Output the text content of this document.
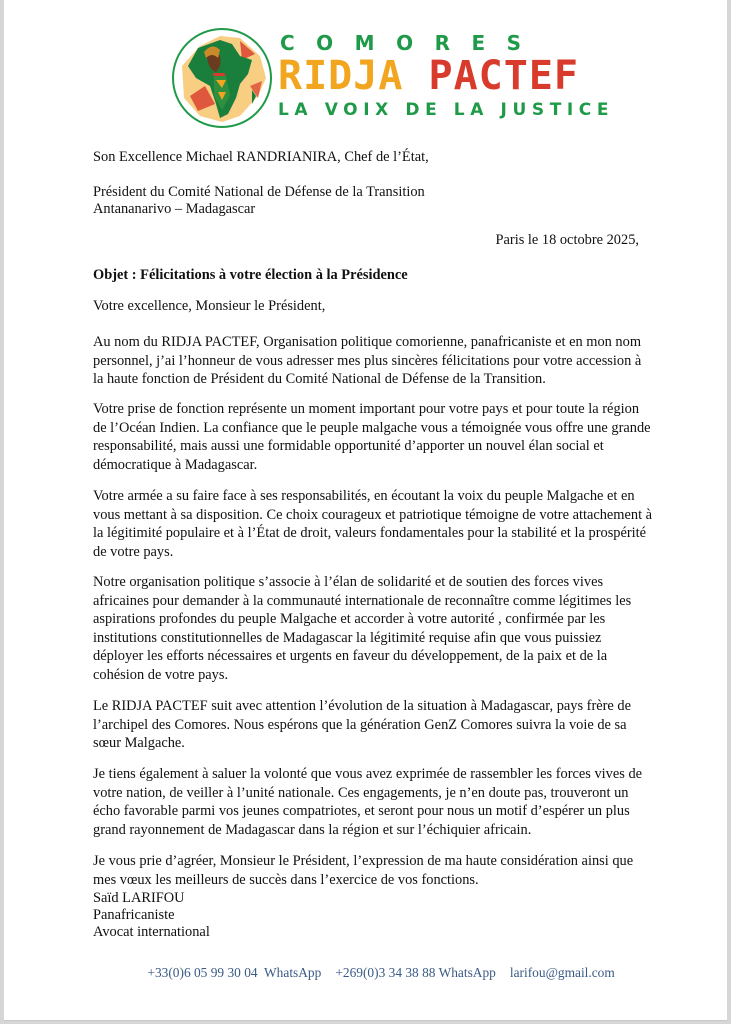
COMORES
RIDJA PACTEF
LA VOIX DE LA JUSTICE
Son Excellence Michael RANDRIANIRA, Chef de l’État,
Président du Comité National de Défense de la Transition
Antananarivo – Madagascar
Paris le 18 octobre 2025,
Objet : Félicitations à votre élection à la Présidence
Votre excellence, Monsieur le Président,
Au nom du RIDJA PACTEF, Organisation politique comorienne, panafricaniste et en mon nom personnel, j’ai l’honneur de vous adresser mes plus sincères félicitations pour votre accession à la haute fonction de Président du Comité National de Défense de la Transition.
Votre prise de fonction représente un moment important pour votre pays et pour toute la région de l’Océan Indien. La confiance que le peuple malgache vous a témoignée vous offre une grande responsabilité, mais aussi une formidable opportunité d’apporter un nouvel élan social et démocratique à Madagascar.
Votre armée a su faire face à ses responsabilités, en écoutant la voix du peuple Malgache et en vous mettant à sa disposition. Ce choix courageux et patriotique témoigne de votre attachement à la légitimité populaire et à l’État de droit, valeurs fondamentales pour la stabilité et la prospérité de votre pays.
Notre organisation politique s’associe à l’élan de solidarité et de soutien des forces vives africaines pour demander à la communauté internationale de reconnaître comme légitimes les aspirations profondes du peuple Malgache et accorder à votre autorité , confirmée par les institutions constitutionnelles de Madagascar la légitimité requise afin que vous puissiez déployer les efforts nécessaires et urgents en faveur du développement, de la paix et de la cohésion de votre pays.
Le RIDJA PACTEF suit avec attention l’évolution de la situation à Madagascar, pays frère de l’archipel des Comores. Nous espérons que la génération GenZ Comores suivra la voie de sa sœur Malgache.
Je tiens également à saluer la volonté que vous avez exprimée de rassembler les forces vives de votre nation, de veiller à l’unité nationale. Ces engagements, je n’en doute pas, trouveront un écho favorable parmi vos jeunes compatriotes, et seront pour nous un motif d’espérer un plus grand rayonnement de Madagascar dans la région et sur l’échiquier africain.
Je vous prie d’agréer, Monsieur le Président, l’expression de ma haute considération ainsi que mes vœux les meilleurs de succès dans l’exercice de vos fonctions.
Saïd LARIFOU
Panafricaniste
Avocat international

+33(0)6 05 99 30 04  WhatsApp +269(0)3 34 38 88 WhatsApp larifou@gmail.com
